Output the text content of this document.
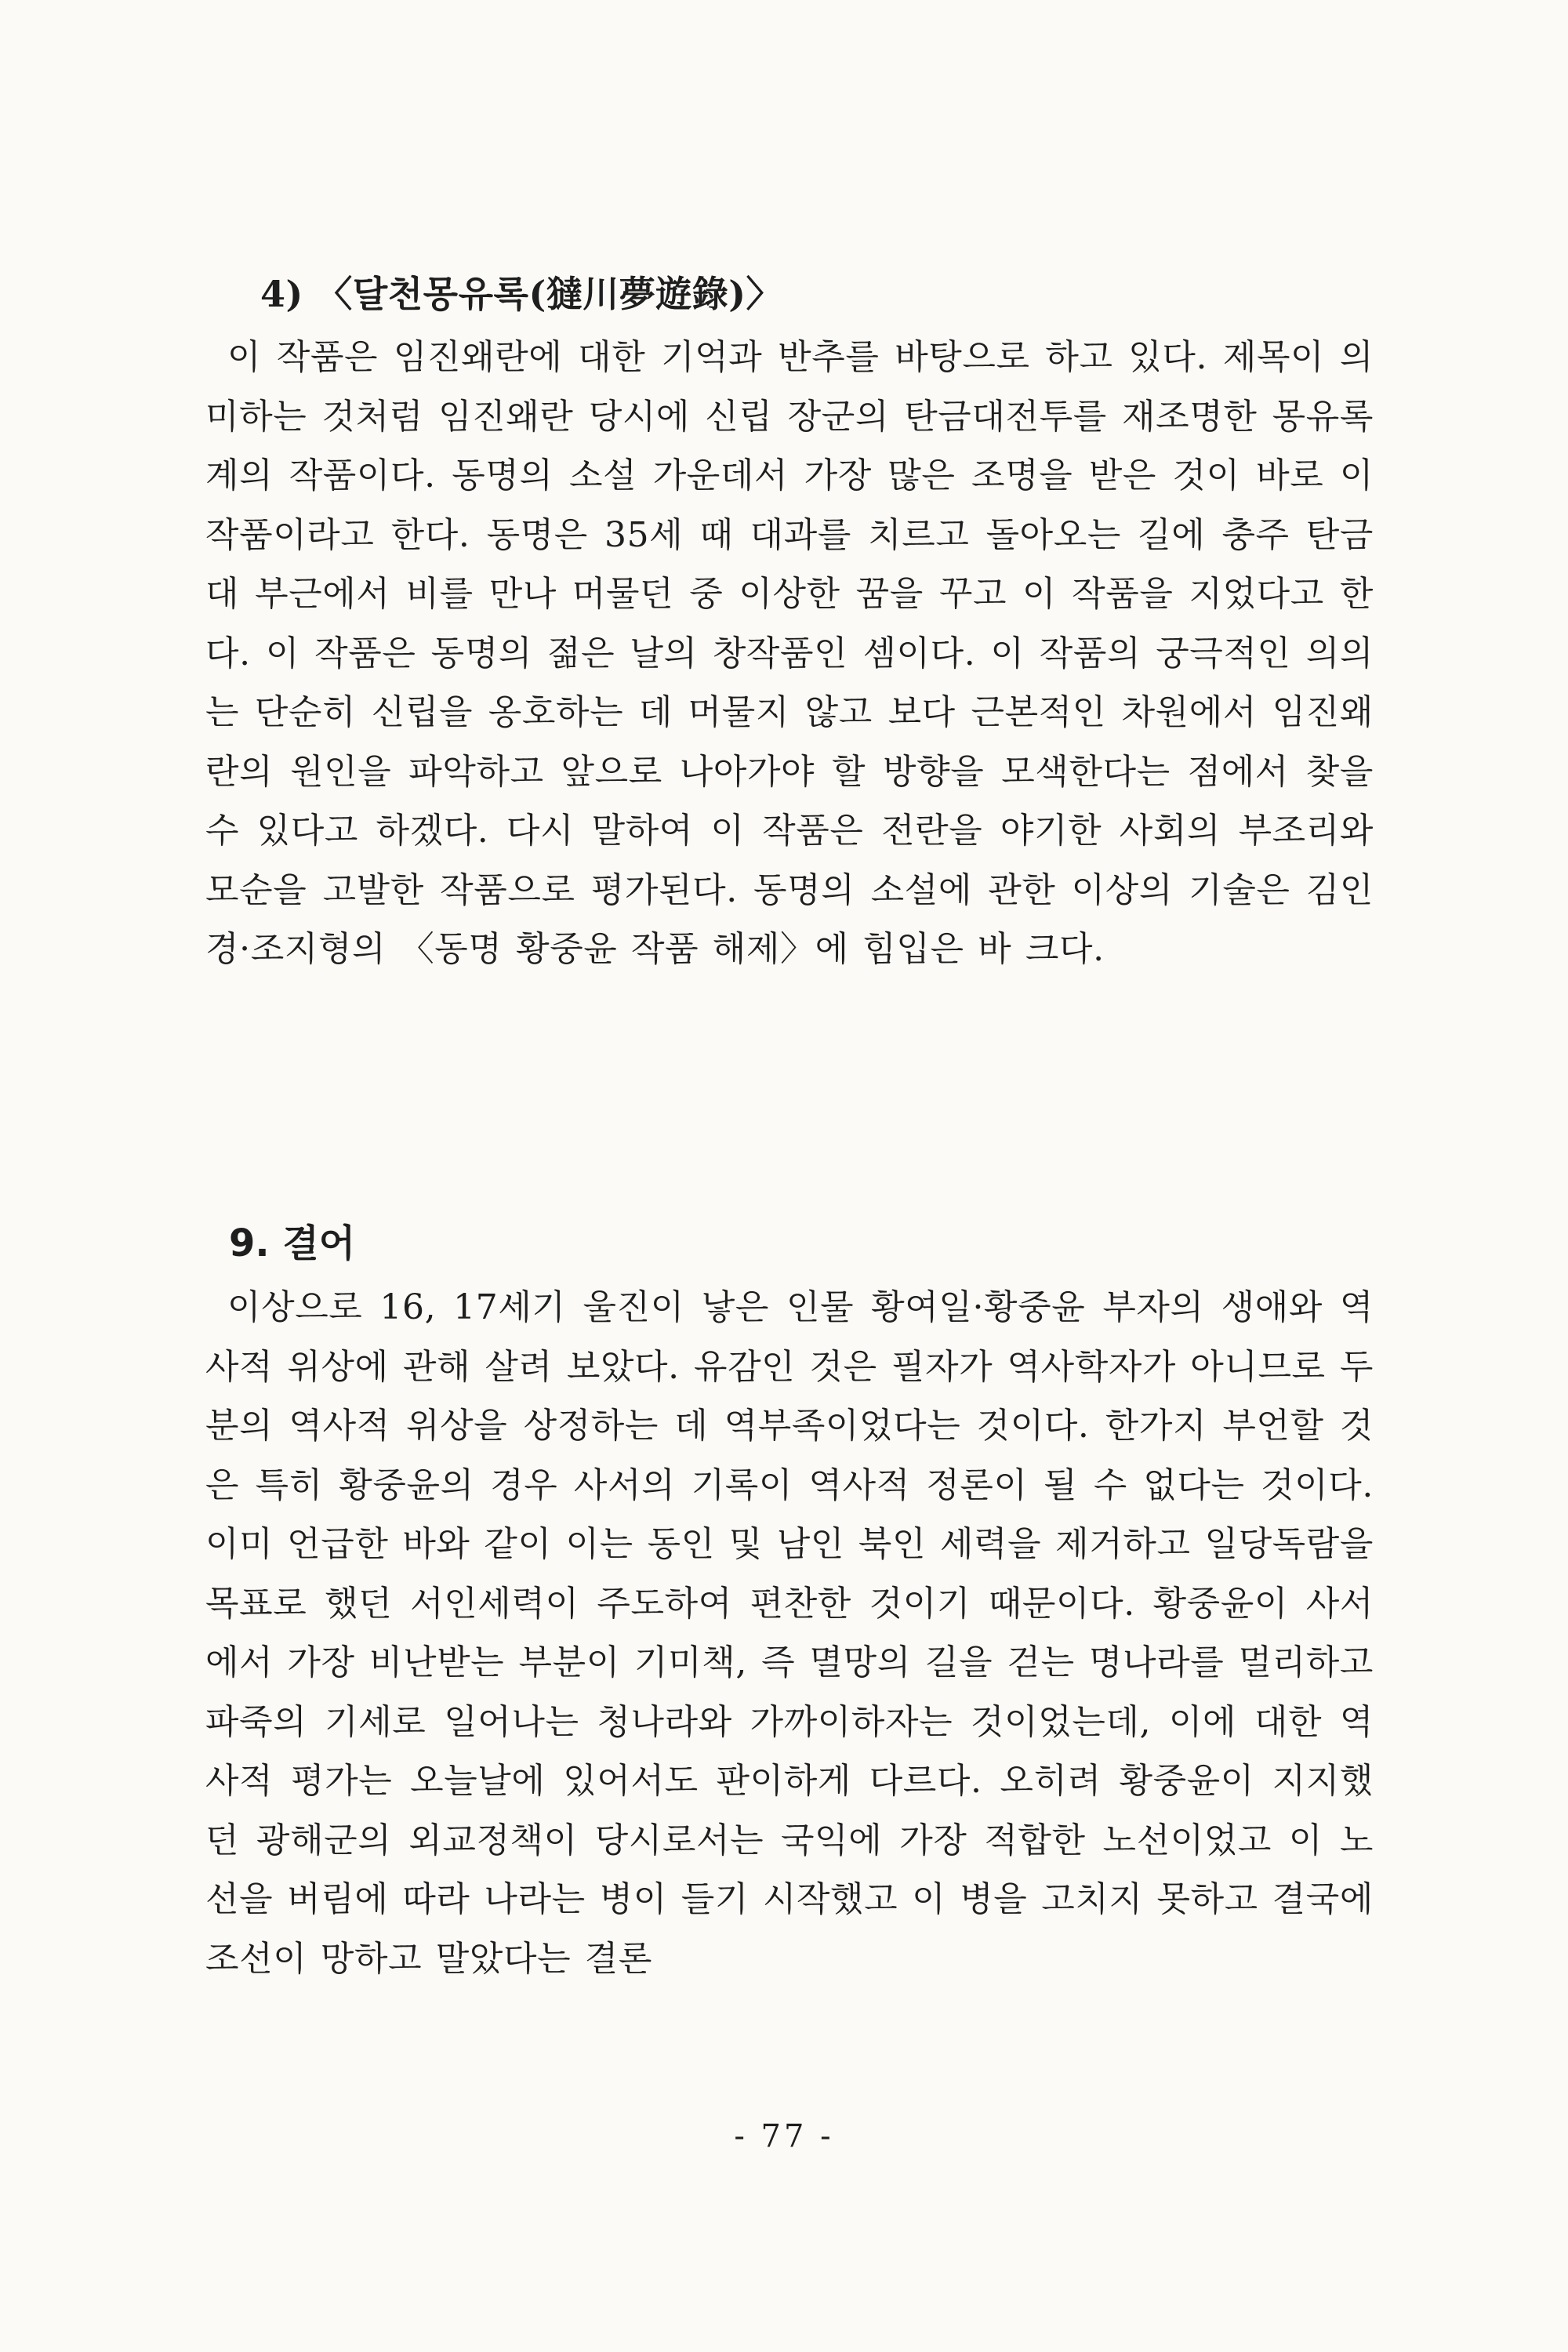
4) 〈달천몽유록(㺚川夢遊錄)〉

이 작품은 임진왜란에 대한 기억과 반추를 바탕으로 하고 있다. 제목이 의미하는 것처럼 임진왜란 당시에 신립 장군의 탄금대전투를 재조명한 몽유록계의 작품이다. 동명의 소설 가운데서 가장 많은 조명을 받은 것이 바로 이 작품이라고 한다. 동명은 35세 때 대과를 치르고 돌아오는 길에 충주 탄금대 부근에서 비를 만나 머물던 중 이상한 꿈을 꾸고 이 작품을 지었다고 한다. 이 작품은 동명의 젊은 날의 창작품인 셈이다. 이 작품의 궁극적인 의의는 단순히 신립을 옹호하는 데 머물지 않고 보다 근본적인 차원에서 임진왜란의 원인을 파악하고 앞으로 나아가야 할 방향을 모색한다는 점에서 찾을 수 있다고 하겠다. 다시 말하여 이 작품은 전란을 야기한 사회의 부조리와 모순을 고발한 작품으로 평가된다. 동명의 소설에 관한 이상의 기술은 김인경·조지형의 〈동명 황중윤 작품 해제〉에 힘입은 바 크다.

9. 결어

이상으로 16, 17세기 울진이 낳은 인물 황여일·황중윤 부자의 생애와 역사적 위상에 관해 살려 보았다. 유감인 것은 필자가 역사학자가 아니므로 두 분의 역사적 위상을 상정하는 데 역부족이었다는 것이다. 한가지 부언할 것은 특히 황중윤의 경우 사서의 기록이 역사적 정론이 될 수 없다는 것이다. 이미 언급한 바와 같이 이는 동인 및 남인 북인 세력을 제거하고 일당독람을 목표로 했던 서인세력이 주도하여 편찬한 것이기 때문이다. 황중윤이 사서에서 가장 비난받는 부분이 기미책, 즉 멸망의 길을 걷는 명나라를 멀리하고 파죽의 기세로 일어나는 청나라와 가까이하자는 것이었는데, 이에 대한 역사적 평가는 오늘날에 있어서도 판이하게 다르다. 오히려 황중윤이 지지했던 광해군의 외교정책이 당시로서는 국익에 가장 적합한 노선이었고 이 노선을 버림에 따라 나라는 병이 들기 시작했고 이 병을 고치지 못하고 결국에 조선이 망하고 말았다는 결론

- 77 -
